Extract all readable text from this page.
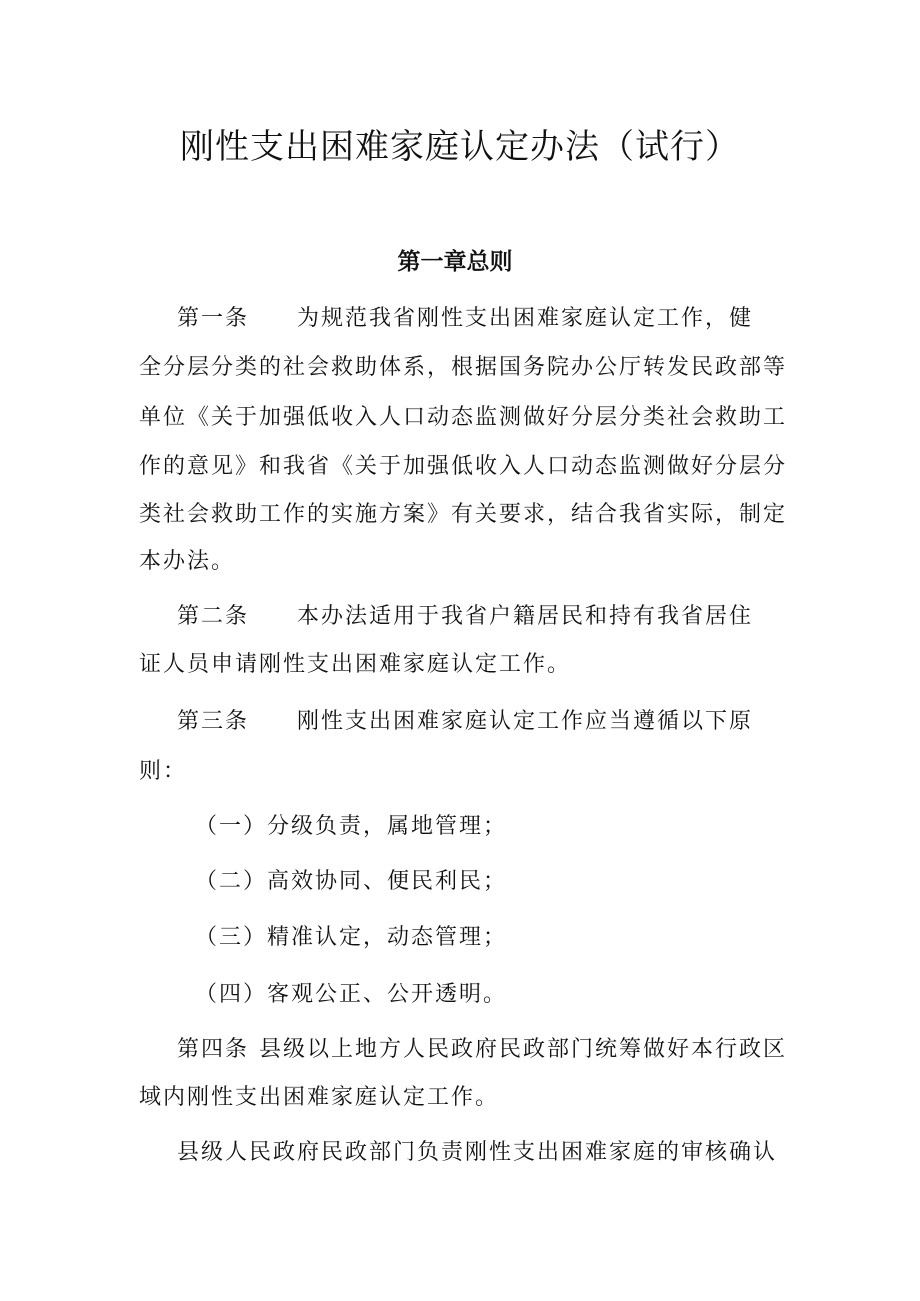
刚性支出困难家庭认定办法（试行）
第一章总则
第一条 为规范我省刚性支出困难家庭认定工作，健
全分层分类的社会救助体系，根据国务院办公厅转发民政部等
单位《关于加强低收入人口动态监测做好分层分类社会救助工
作的意见》和我省《关于加强低收入人口动态监测做好分层分
类社会救助工作的实施方案》有关要求，结合我省实际，制定
本办法。
第二条 本办法适用于我省户籍居民和持有我省居住
证人员申请刚性支出困难家庭认定工作。
第三条 刚性支出困难家庭认定工作应当遵循以下原
则：
（一）分级负责，属地管理；
（二）高效协同、便民利民；
（三）精准认定，动态管理；
（四）客观公正、公开透明。
第四条 县级以上地方人民政府民政部门统筹做好本行政区
域内刚性支出困难家庭认定工作。
县级人民政府民政部门负责刚性支出困难家庭的审核确认
